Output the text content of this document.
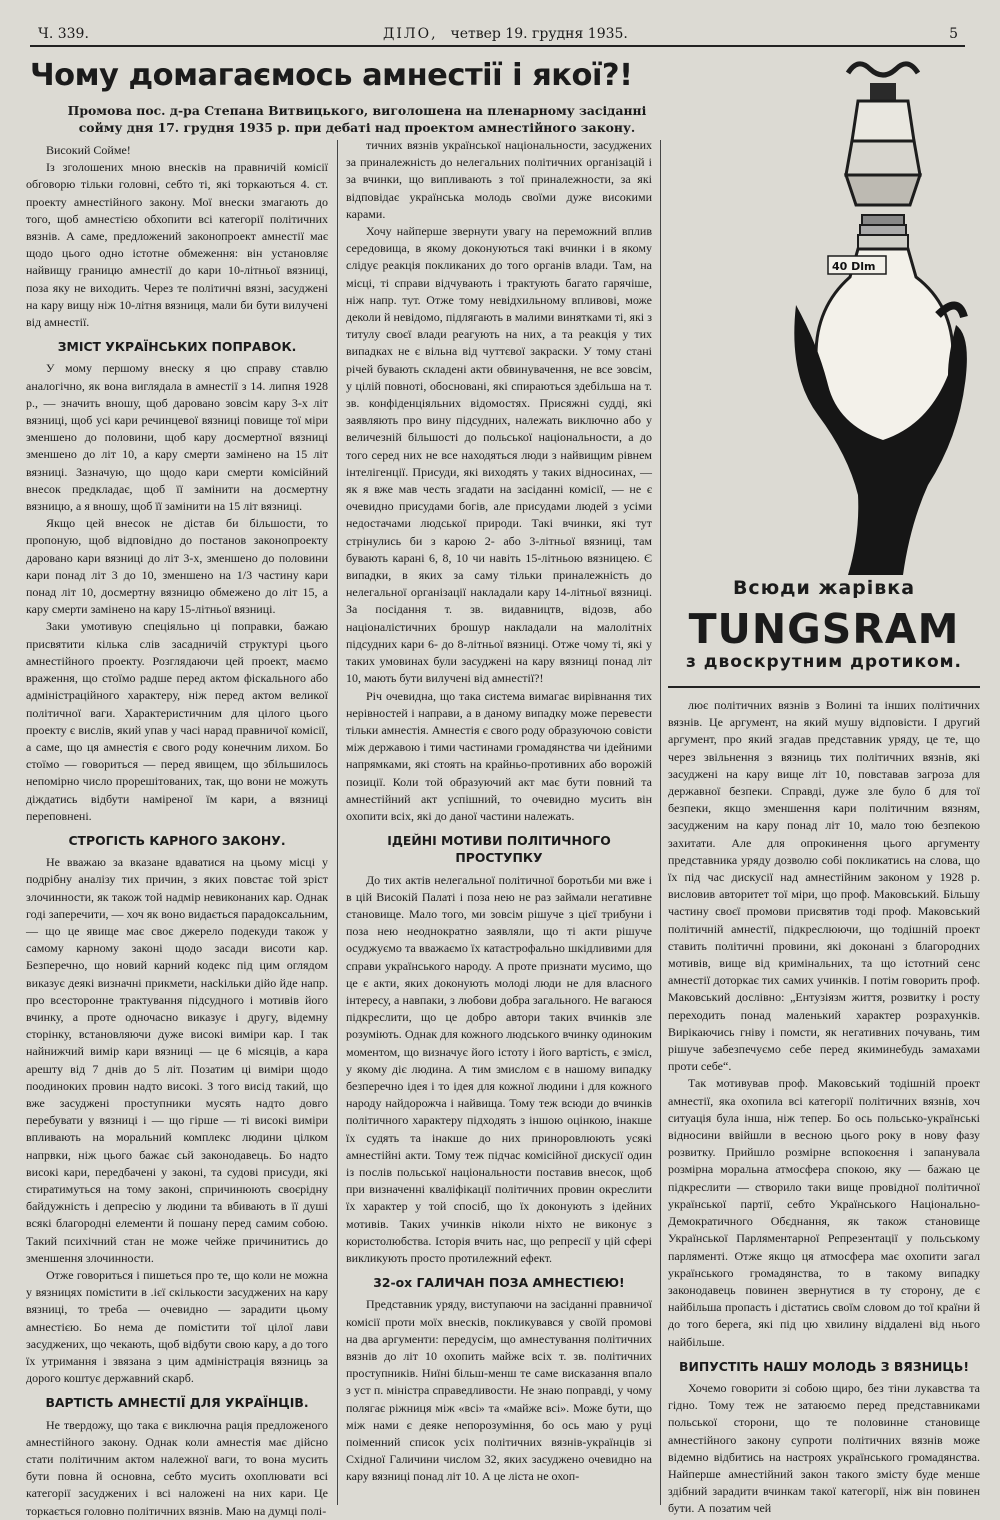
Ч. 339.	ДІЛО, четвер 19. грудня 1935.	5
Чому домагаємось амнестії і якої?!
Промова пос. д-ра Степана Витвицького, виголошена на пленарному засіданні сойму дня 17. грудня 1935 р. при дебаті над проектом амнестійного закону.

Високий Сойме!

Із зголошених мною внесків на правничій комісії обговорю тільки головні, себто ті, які торкаються 4. ст. проекту амнестійного закону. Мої внески змагають до того, щоб амнестією обхопити всі категорії політичних вязнів. А саме, предложений законопроект амнестії має щодо цього одно істотне обмеження: він установляє найвищу границю амнестії до кари 10-літньої вязниці, поза яку не виходить. Через те політичні вязні, засуджені на кару вищу ніж 10-літня вязниця, мали би бути вилучені від амнестії.

ЗМІСТ УКРАЇНСЬКИХ ПОПРАВОК.

У мому першому внеску я цю справу ставлю аналогічно, як вона виглядала в амнестії з 14. липня 1928 р., — значить вношу, щоб даровано зовсім кару 3-х літ вязниці, щоб усі кари речинцевої вязниці повище тої міри зменшено до половини, щоб кару досмертної вязниці зменшено до літ 10, а кару смерти замінено на 15 літ вязниці. Зазначую, що щодо кари смерти комісійний внесок предкладає, щоб її замінити на досмертну вязницю, а я вношу, щоб її замінити на 15 літ вязниці.

Якщо цей внесок не дістав би більшости, то пропоную, щоб відповідно до постанов законопроекту даровано кари вязниці до літ 3-х, зменшено до половини кари понад літ 3 до 10, зменшено на 1/3 частину кари понад літ 10, досмертну вязницю обмежено до літ 15, а кару смерти замінено на кару 15-літньої вязниці.

Заки умотивую спеціяльно ці поправки, бажаю присвятити кілька слів засадничій структурі цього амнестійного проекту. Розглядаючи цей проект, маємо враження, що стоїмо радше перед актом фіскального або адміністраційного характеру, ніж перед актом великої політичної ваги. Характеристичним для цілого цього проекту є вислів, який упав у часі нарад правничої комісії, а саме, що ця амнестія є свого роду конечним лихом. Бо стоїмо — говориться — перед явищем, що збільшилось непомірно число прорешітованих, так, що вони не можуть діждатись відбути наміреної їм кари, а вязниці переповнені.

СТРОГІСТЬ КАРНОГО ЗАКОНУ.

Не вважаю за вказане вдаватися на цьому місці у подрібну аналізу тих причин, з яких повстає той зріст злочинности, як також той надмір невиконаних кар. Однак годі заперечити, — хоч як воно видається парадоксальним, — що це явище має своє джерело подекуди також у самому карному законі щодо засади висоти кар. Безперечно, що новий карний кодекс під цим оглядом виказує деякі визначні прикмети, насkільки дійо йде напр. про всесторонне трактування підсудного і мотивів його вчинку, а проте одночасно виказує і другу, відемну сторінку, встановляючи дуже високі виміри кар. І так найнижчий вимір кари вязниці — це 6 місяців, а кара арешту від 7 днів до 5 літ. Позатим ці виміри щодо поодиноких провин надто високі. З того висід такий, що вже засуджені проступники мусять надто довго перебувати у вязниці і — що гірше — ті високі виміри впливають на моральний комплекс людини цілком напрвки, ніж цього бажає сьй законодавець. Бо надто високі кари, передбачені у законі, та судові присуди, які стиратимуться на тому законі, спричинюють своєрідну байдужність і депресію у людини та вбивають в її душі всякі благородні елементи й пошану перед самим собою. Такий психічний стан не може чейже причинитись до зменшення злочинности.

Отже говориться і пишеться про те, що коли не можна у вязницях помістити в .ієї скількости засуджених на кару вязниці, то треба — очевидно — зарадити цьому амнестією. Бо нема де помістити тої цілої лави засуджених, що чекають, щоб відбути свою кару, а до того їх утримання і звязана з цим адміністрація вязниць за дорого коштує державний скарб.

ВАРТІСТЬ АМНЕСТІЇ ДЛЯ УКРАЇНЦІВ.

Не твердожу, що така є виключна рація предложеного амнестійного закону. Однак коли амнестія має дійсно стати політичним актом належної ваги, то вона мусить бути повна й основна, себто мусить охоплювати всі категорії засуджених і всі наложені на них кари. Це торкається головно політичних вязнів. Маю на думці полі-

тичних вязнів української національности, засуджених за приналежність до нелегальних політичних організацій і за вчинки, що випливають з тої приналежности, за які відповідає українська молодь своїми дуже високими карами.

Хочу найперше звернути увагу на переможний вплив середовища, в якому доконуються такі вчинки і в якому слідує реакція покликаних до того органів влади. Там, на місці, ті справи відчувають і трактують багато гарячіше, ніж напр. тут. Отже тому невідхильному впливові, може деколи й невідомо, підлягають в малими винятками ті, які з титулу своєї влади реагують на них, а та реакція у тих випадках не є вільна від чуттєвої закраски. У тому стані річей бувають складені акти обвинувачення, не все зовсім, у цілій повноті, обосновані, які спираються здебільша на т. зв. конфіденціяльних відомостях. Присяжні судді, які заявляють про вину підсудних, належать виключно або у величезній більшості до польської національности, а до того серед них не все находяться люди з найвищим рівнем інтелігенції. Присуди, які виходять у таких відносинах, — як я вже мав честь згадати на засіданні комісії, — не є очевидно присудами богів, але присудами людей з усіми недостачами людської природи. Такі вчинки, які тут стрінулись би з карою 2- або 3-літньої вязниці, там бувають карані 6, 8, 10 чи навіть 15-літньою вязницею. Є випадки, в яких за саму тільки приналежність до нелегальної організації накладали кару 14-літньої вязниці. За посідання т. зв. видавництв, відозв, або націоналістичних брошур накладали на малолітніх підсудних кари 6- до 8-літньої вязниці. Отже чому ті, які у таких умовинах були засуджені на кару вязниці понад літ 10, мають бути вилучені від амнестії?!

Річ очевидна, що така система вимагає вирівнання тих нерівностей і направи, а в даному випадку може перевести тільки амнестія. Амнестія є свого роду образуючою совісти між державою і тими частинами громадянства чи ідейними напрямками, які стоять на крайньо-противних або ворожій позиції. Коли той образуючий акт має бути повний та амнестійний акт успішний, то очевидно мусить він охопити всіх, які до даної частини належать.

ІДЕЙНІ МОТИВИ ПОЛІТИЧНОГО ПРОСТУПКУ

До тих актів нелегальної політичної боротьби ми вже і в цій Високій Палаті і поза нею не раз займали негативне становище. Мало того, ми зовсім рішуче з цієї трибуни і поза нею неоднократно заявляли, що ті акти рішуче осуджуємо та вважаємо їх катастрофально шкідливими для справи українського народу. А проте признати мусимо, що це є акти, яких доконують молоді люди не для власного інтересу, а навпаки, з любови добра загального. Не вагаюся підкреслити, що це добро автори таких вчинків зле розуміють. Однак для кожного людського вчинку одиноким моментом, що визначує його істоту і його вартість, є змісл, у якому діє людина. А тим змислом є в нашому випадку безперечно ідея і то ідея для кожної людини і для кожного народу найдорожча і найвища. Тому теж всюди до вчинків політичного характеру підходять з іншою оцінкою, інакше їх судять та інакше до них приноровлюють усякі амнестійні акти. Тому теж підчас комісійної дискусії один із послів польської національности поставив внесок, щоб при визначенні кваліфікації політичних провин окреслити їх характер у той спосіб, що їх доконують з ідейних мотивів. Таких учинків ніколи ніхто не виконує з користолюбства. Історія вчить нас, що репресії у цій сфері викликують просто протилежний ефект.

32-ох ГАЛИЧАН ПОЗА АМНЕСТІЄЮ!

Представник уряду, виступаючи на засіданні правничої комісії проти моїх внесків, покликувався у своїй промові на два аргументи: передусім, що амнестування політичних вязнів до літ 10 охопить майже всіх т. зв. політичних проступників. Ниїні більш-менш те саме висказання впало з уст п. міністра справедливости. Не знаю поправді, у чому полягає ріжниця між «всі» та «майже всі». Може бути, що між нами є деяке непорозуміння, бо ось маю у руці поіменний список усіх політичних вязнів-українців зі Східної Галичини числом 32, яких засуджено очевидно на кару вязниці понад літ 10. А це ліста не охоп-

40 Dlm
Всюди жарівка
TUNGSRAM
з двоскрутним дротиком.

лює політичних вязнів з Волині та інших політичних вязнів. Це аргумент, на який мушу відповісти. І другий аргумент, про який згадав представник уряду, це те, що через звільнення з вязниць тих політичних вязнів, які засуджені на кару вище літ 10, повставав загроза для державної безпеки. Справді, дуже зле було б для тої безпеки, якщо зменшення кари політичним вязням, засудженим на кару понад літ 10, мало тою безпекою захитати. Але для опрокинення цього аргументу представника уряду дозволю собі покликатись на слова, що їх під час дискусії над амнестійним законом у 1928 р. висловив авторитет тої міри, що проф. Маковський. Більшу частину своєї промови присвятив тоді проф. Маковський політичній амнестії, підкреслюючи, що тодішній проект ставить політичні провини, які доконані з благородних мотивів, вище від кримінальних, та що істотний сенс амнестії доторкає тих самих учинків. І потім говорить проф. Маковський дослівно: „Ентузіязм життя, розвитку і росту переходить понад маленький характер розрахунків. Вирікаючись гніву і помсти, як негативних почувань, тим рішуче забезпечуємо себе перед якиминебудь замахами проти себе“.

Так мотивував проф. Маковський тодішній проект амнестії, яка охопила всі категорії політичних вязнів, хоч ситуація була інша, ніж тепер. Бо ось польсько-українські відносини ввійшли в весною цього року в нову фазу розвитку. Прийшло розмірне вспокоєння і запанувала розмірна моральна атмосфера спокою, яку — бажаю це підкреслити — створило таки вище провідної політичної української партії, себто Українського Національно-Демократичного Обєднання, як також становище Української Парляментарної Репрезентації у польському парляменті. Отже якщо ця атмосфера має охопити загал українського громадянства, то в такому випадку законодавець повинен звернутися в ту сторону, де є найбільша пропасть і дістатись своїм словом до тої країни й до того берега, які під цю хвилину віддалені від нього найбільше.

ВИПУСТІТЬ НАШУ МОЛОДЬ З ВЯЗНИЦЬ!

Хочемо говорити зі собою щиро, без тіни лукавства та гідно. Тому теж не затаюємо перед представниками польської сторони, що те половинне становище амнестійного закону супроти політичних вязнів може відемно відбитись на настроях українського громадянства. Найперше амнестійний закон такого змісту буде менше здібний зарадити вчинкам такої категорії, ніж він повинен бути. А позатим чей
